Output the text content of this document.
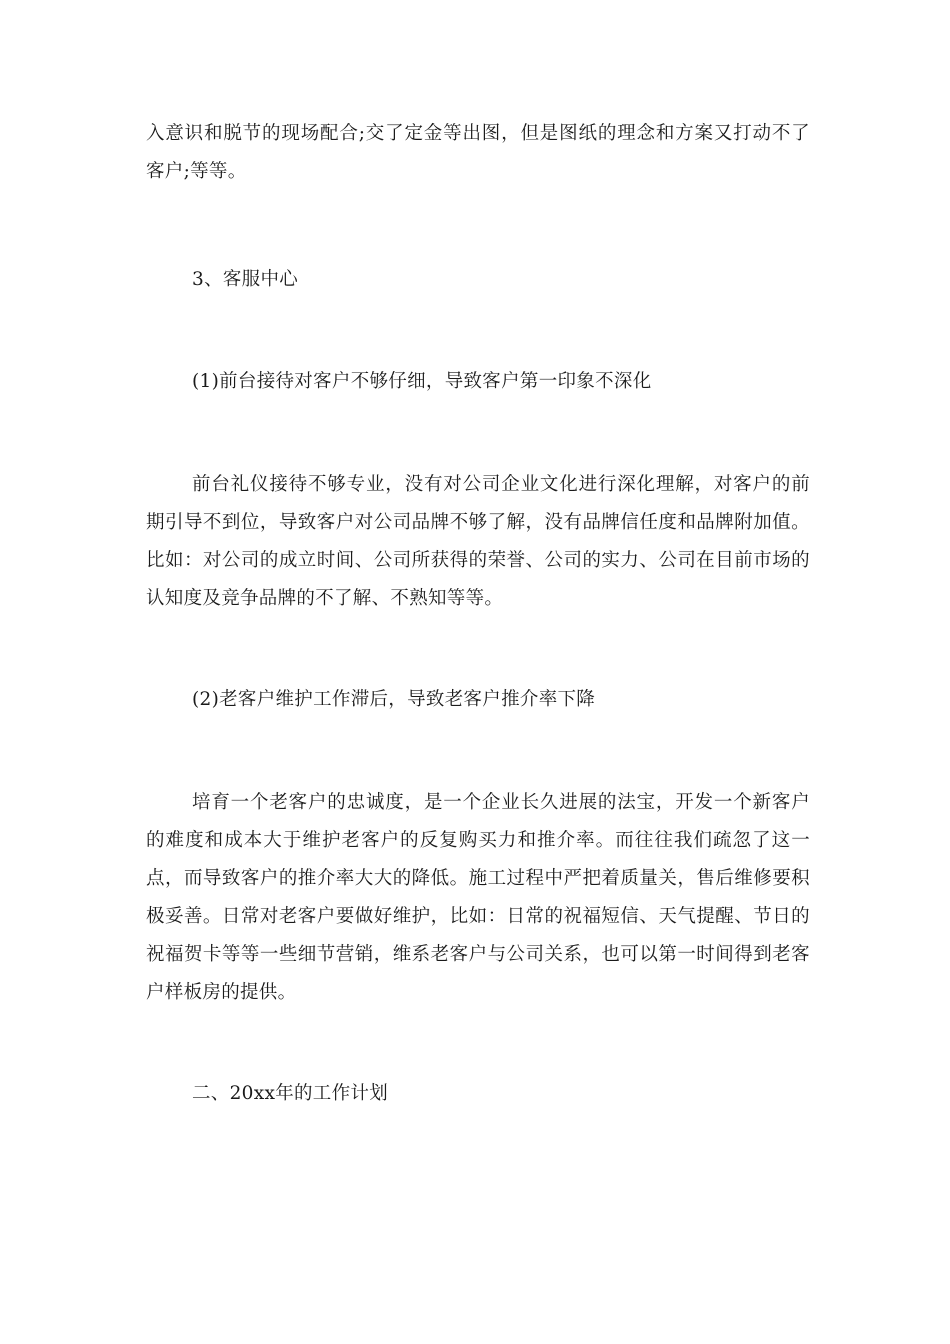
入意识和脱节的现场配合;交了定金等出图，但是图纸的理念和方案又打动不了客户;等等。

3、客服中心

(1)前台接待对客户不够仔细，导致客户第一印象不深化

前台礼仪接待不够专业，没有对公司企业文化进行深化理解，对客户的前期引导不到位，导致客户对公司品牌不够了解，没有品牌信任度和品牌附加值。比如：对公司的成立时间、公司所获得的荣誉、公司的实力、公司在目前市场的认知度及竞争品牌的不了解、不熟知等等。

(2)老客户维护工作滞后，导致老客户推介率下降

培育一个老客户的忠诚度，是一个企业长久进展的法宝，开发一个新客户的难度和成本大于维护老客户的反复购买力和推介率。而往往我们疏忽了这一点，而导致客户的推介率大大的降低。施工过程中严把着质量关，售后维修要积极妥善。日常对老客户要做好维护，比如：日常的祝福短信、天气提醒、节日的祝福贺卡等等一些细节营销，维系老客户与公司关系，也可以第一时间得到老客户样板房的提供。

二、20xx年的工作计划
